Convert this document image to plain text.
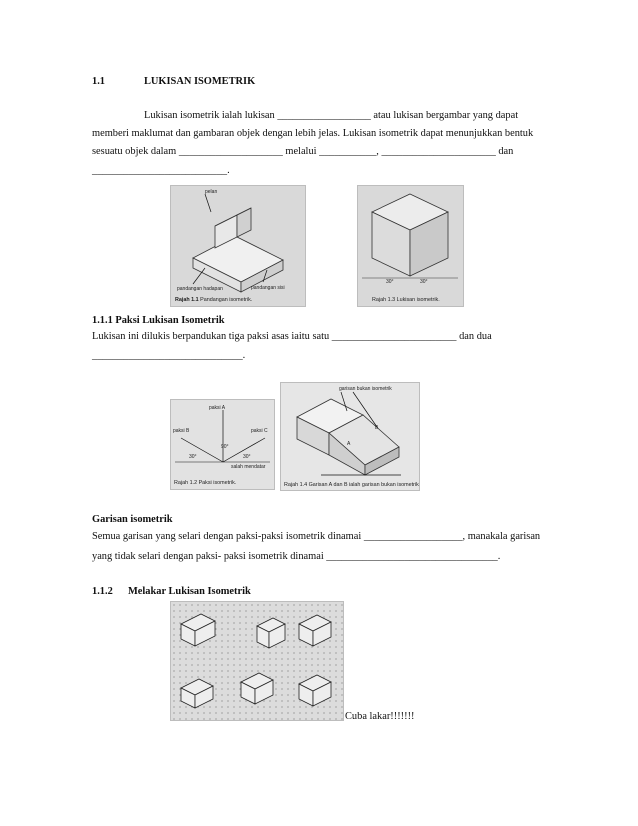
1.1	LUKISAN ISOMETRIK
Lukisan isometrik ialah lukisan __________________ atau lukisan bergambar yang dapat
memberi maklumat dan gambaran objek dengan lebih jelas. Lukisan isometrik dapat menunjukkan bentuk
sesuatu objek dalam ____________________ melalui ___________, ______________________ dan
__________________________.
pelan
pandangan hadapan	pandangan sisi
Rajah 1.1 Pandangan isometrik.
30°	30°
Rajah 1.3 Lukisan isometrik.
1.1.1 Paksi Lukisan Isometrik
Lukisan ini dilukis berpandukan tiga paksi asas iaitu satu ________________________ dan dua
_____________________________.
paksi A
paksi B	paksi C
90°
30°	30°
salah mendatar
Rajah 1.2 Paksi isometrik.
garisan bukan isometrik
A
B
Rajah 1.4 Garisan A dan B ialah garisan bukan isometrik
Garisan isometrik
Semua garisan yang selari dengan paksi-paksi isometrik dinamai ___________________, manakala garisan
yang tidak selari dengan paksi- paksi isometrik dinamai _________________________________.
1.1.2 Melakar Lukisan Isometrik
Cuba lakar!!!!!!!
